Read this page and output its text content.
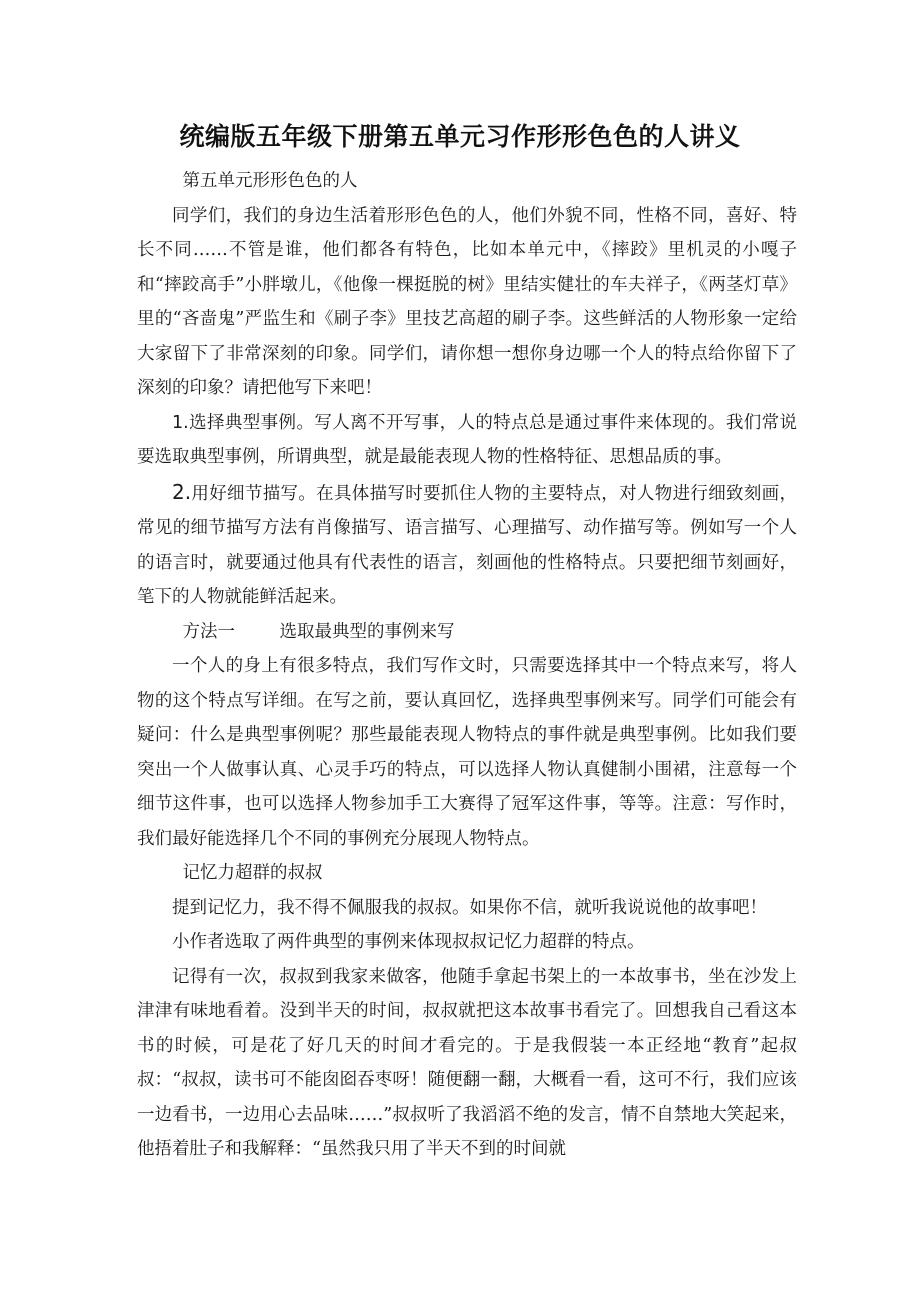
统编版五年级下册第五单元习作形形色色的人讲义

第五单元形形色色的人

同学们，我们的身边生活着形形色色的人，他们外貌不同，性格不同，喜好、特长不同……不管是谁，他们都各有特色，比如本单元中，《摔跤》里机灵的小嘎子和“摔跤高手”小胖墩儿，《他像一棵挺脱的树》里结实健壮的车夫祥子，《两茎灯草》里的“吝啬鬼”严监生和《刷子李》里技艺高超的刷子李。这些鲜活的人物形象一定给大家留下了非常深刻的印象。同学们，请你想一想你身边哪一个人的特点给你留下了深刻的印象？请把他写下来吧！

1.选择典型事例。写人离不开写事，人的特点总是通过事件来体现的。我们常说要选取典型事例，所谓典型，就是最能表现人物的性格特征、思想品质的事。

2.用好细节描写。在具体描写时要抓住人物的主要特点，对人物进行细致刻画，常见的细节描写方法有肖像描写、语言描写、心理描写、动作描写等。例如写一个人的语言时，就要通过他具有代表性的语言，刻画他的性格特点。只要把细节刻画好，笔下的人物就能鲜活起来。

方法一	选取最典型的事例来写

一个人的身上有很多特点，我们写作文时，只需要选择其中一个特点来写，将人物的这个特点写详细。在写之前，要认真回忆，选择典型事例来写。同学们可能会有疑问：什么是典型事例呢？那些最能表现人物特点的事件就是典型事例。比如我们要突出一个人做事认真、心灵手巧的特点，可以选择人物认真健制小围裙，注意每一个细节这件事，也可以选择人物参加手工大赛得了冠军这件事，等等。注意：写作时，我们最好能选择几个不同的事例充分展现人物特点。

记忆力超群的叔叔

提到记忆力，我不得不佩服我的叔叔。如果你不信，就听我说说他的故事吧！

小作者选取了两件典型的事例来体现叔叔记忆力超群的特点。

记得有一次，叔叔到我家来做客，他随手拿起书架上的一本故事书，坐在沙发上津津有味地看着。没到半天的时间，叔叔就把这本故事书看完了。回想我自己看这本书的时候，可是花了好几天的时间才看完的。于是我假装一本正经地“教育”起叔叔：“叔叔，读书可不能囱囵吞枣呀！随便翻一翻，大概看一看，这可不行，我们应该一边看书，一边用心去品味……”叔叔听了我滔滔不绝的发言，情不自禁地大笑起来，他捂着肚子和我解释：“虽然我只用了半天不到的时间就
